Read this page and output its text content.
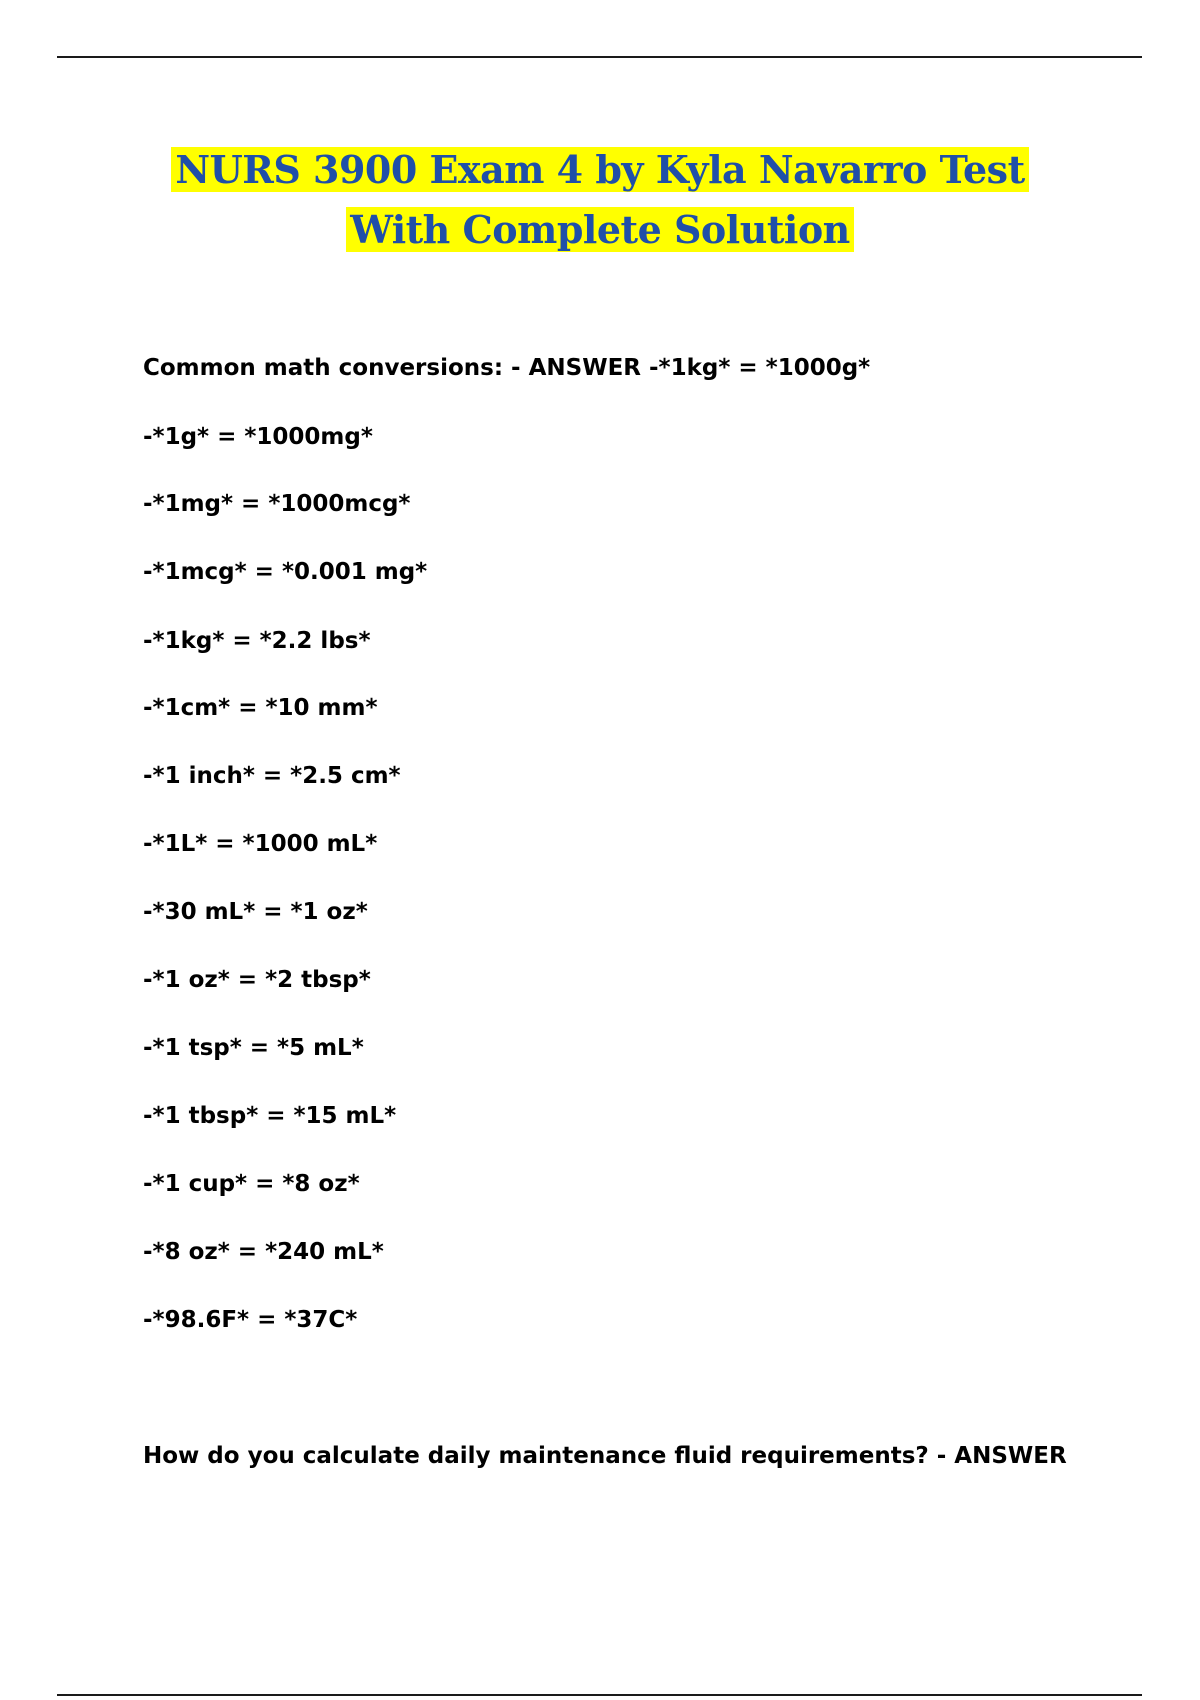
NURS 3900 Exam 4 by Kyla Navarro Test
With Complete Solution
Common math conversions: - ANSWER -*1kg* = *1000g*
-*1g* = *1000mg*
-*1mg* = *1000mcg*
-*1mcg* = *0.001 mg*
-*1kg* = *2.2 lbs*
-*1cm* = *10 mm*
-*1 inch* = *2.5 cm*
-*1L* = *1000 mL*
-*30 mL* = *1 oz*
-*1 oz* = *2 tbsp*
-*1 tsp* = *5 mL*
-*1 tbsp* = *15 mL*
-*1 cup* = *8 oz*
-*8 oz* = *240 mL*
-*98.6F* = *37C*
How do you calculate daily maintenance fluid requirements? - ANSWER
